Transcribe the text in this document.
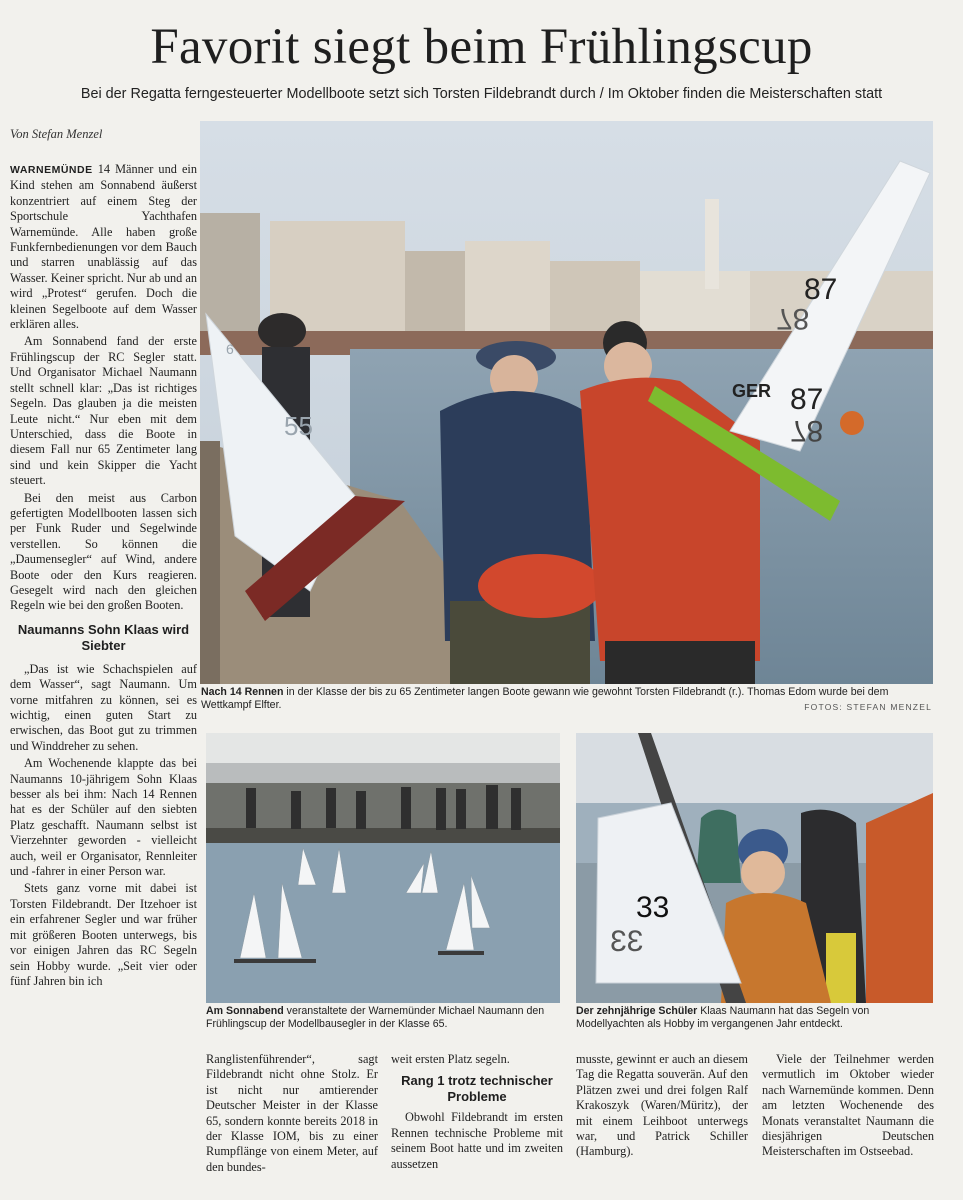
Favorit siegt beim Frühlingscup
Bei der Regatta ferngesteuerter Modellboote setzt sich Torsten Fildebrandt durch / Im Oktober finden die Meisterschaften statt
Von Stefan Menzel

WARNEMÜNDE 14 Männer und ein Kind stehen am Sonnabend äußerst konzentriert auf einem Steg der Sportschule Yachthafen Warnemünde. Alle haben große Funkfernbedienungen vor dem Bauch und starren unablässig auf das Wasser. Keiner spricht. Nur ab und an wird „Protest“ gerufen. Doch die kleinen Segelboote auf dem Wasser erklären alles.

Am Sonnabend fand der erste Frühlingscup der RC Segler statt. Und Organisator Michael Naumann stellt schnell klar: „Das ist richtiges Segeln. Das glauben ja die meisten Leute nicht.“ Nur eben mit dem Unterschied, dass die Boote in diesem Fall nur 65 Zentimeter lang sind und kein Skipper die Yacht steuert.

Bei den meist aus Carbon gefertigten Modellbooten lassen sich per Funk Ruder und Segelwinde verstellen. So können die „Daumensegler“ auf Wind, andere Boote oder den Kurs reagieren. Gesegelt wird nach den gleichen Regeln wie bei den großen Booten.

Naumanns Sohn Klaas wird Siebter

„Das ist wie Schachspielen auf dem Wasser“, sagt Naumann. Um vorne mitfahren zu können, sei es wichtig, einen guten Start zu erwischen, das Boot gut zu trimmen und Winddreher zu sehen.

Am Wochenende klappte das bei Naumanns 10-jährigem Sohn Klaas besser als bei ihm: Nach 14 Rennen hat es der Schüler auf den siebten Platz geschafft. Naumann selbst ist Vierzehnter geworden - vielleicht auch, weil er Organisator, Rennleiter und -fahrer in einer Person war.

Stets ganz vorne mit dabei ist Torsten Fildebrandt. Der Itzehoer ist ein erfahrener Segler und war früher mit größeren Booten unterwegs, bis vor einigen Jahren das RC Segeln sein Hobby wurde. „Seit vier oder fünf Jahren bin ich

87
78
GER 87
78
55
6
Nach 14 Rennen in der Klasse der bis zu 65 Zentimeter langen Boote gewann wie gewohnt Torsten Fildebrandt (r.). Thomas Edom wurde bei dem Wettkampf Elfter.	FOTOS: STEFAN MENZEL
Am Sonnabend veranstaltete der Warnemünder Michael Naumann den Frühlingscup der Modellbausegler in der Klasse 65.
33
33
Der zehnjährige Schüler Klaas Naumann hat das Segeln von Modellyachten als Hobby im vergangenen Jahr entdeckt.

Ranglistenführender“, sagt Fildebrandt nicht ohne Stolz. Er ist nicht nur amtierender Deutscher Meister in der Klasse 65, sondern konnte bereits 2018 in der Klasse IOM, bis zu einer Rumpflänge von einem Meter, auf den bundes-

weit ersten Platz segeln.

Rang 1 trotz technischer Probleme

Obwohl Fildebrandt im ersten Rennen technische Probleme mit seinem Boot hatte und im zweiten aussetzen

musste, gewinnt er auch an diesem Tag die Regatta souverän. Auf den Plätzen zwei und drei folgen Ralf Krakoszyk (Waren/Müritz), der mit einem Leihboot unterwegs war, und Patrick Schiller (Hamburg).

Viele der Teilnehmer werden vermutlich im Oktober wieder nach Warnemünde kommen. Denn am letzten Wochenende des Monats veranstaltet Naumann die diesjährigen Deutschen Meisterschaften im Ostseebad.
